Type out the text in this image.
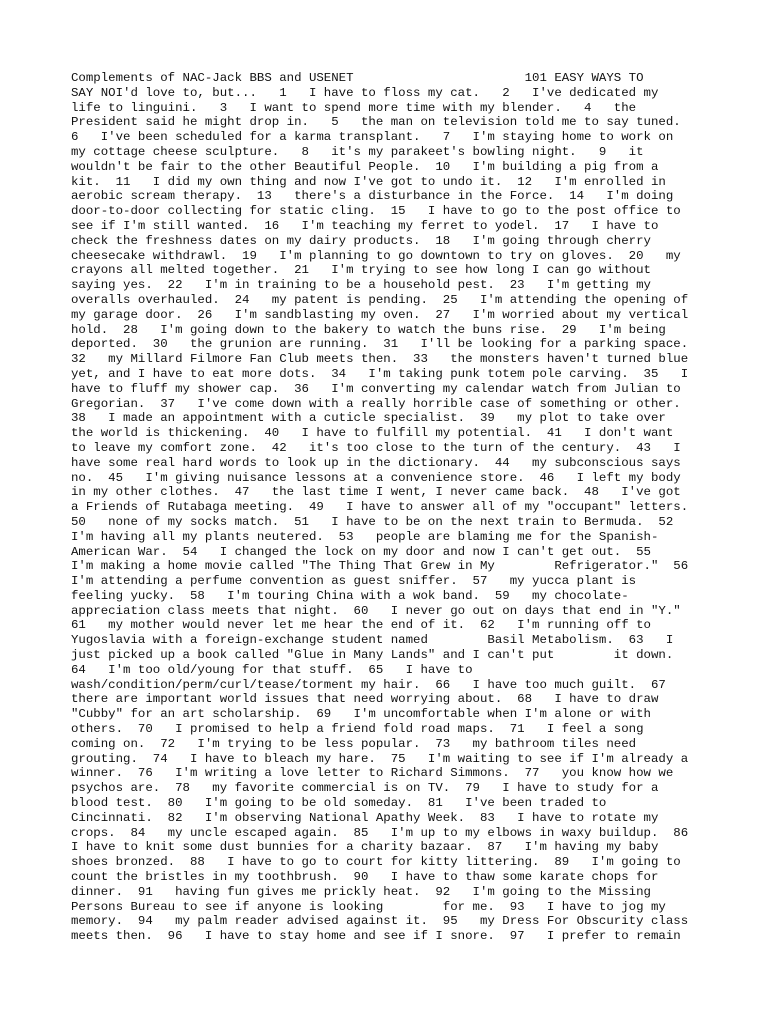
Complements of NAC-Jack BBS and USENET                       101 EASY WAYS TO
SAY NOI'd love to, but...   1   I have to floss my cat.   2   I've dedicated my
life to linguini.   3   I want to spend more time with my blender.   4   the
President said he might drop in.   5   the man on television told me to say tuned.
6   I've been scheduled for a karma transplant.   7   I'm staying home to work on
my cottage cheese sculpture.   8   it's my parakeet's bowling night.   9   it
wouldn't be fair to the other Beautiful People.  10   I'm building a pig from a
kit.  11   I did my own thing and now I've got to undo it.  12   I'm enrolled in
aerobic scream therapy.  13   there's a disturbance in the Force.  14   I'm doing
door-to-door collecting for static cling.  15   I have to go to the post office to
see if I'm still wanted.  16   I'm teaching my ferret to yodel.  17   I have to
check the freshness dates on my dairy products.  18   I'm going through cherry
cheesecake withdrawl.  19   I'm planning to go downtown to try on gloves.  20   my
crayons all melted together.  21   I'm trying to see how long I can go without
saying yes.  22   I'm in training to be a household pest.  23   I'm getting my
overalls overhauled.  24   my patent is pending.  25   I'm attending the opening of
my garage door.  26   I'm sandblasting my oven.  27   I'm worried about my vertical
hold.  28   I'm going down to the bakery to watch the buns rise.  29   I'm being
deported.  30   the grunion are running.  31   I'll be looking for a parking space.
32   my Millard Filmore Fan Club meets then.  33   the monsters haven't turned blue
yet, and I have to eat more dots.  34   I'm taking punk totem pole carving.  35   I
have to fluff my shower cap.  36   I'm converting my calendar watch from Julian to
Gregorian.  37   I've come down with a really horrible case of something or other.
38   I made an appointment with a cuticle specialist.  39   my plot to take over
the world is thickening.  40   I have to fulfill my potential.  41   I don't want
to leave my comfort zone.  42   it's too close to the turn of the century.  43   I
have some real hard words to look up in the dictionary.  44   my subconscious says
no.  45   I'm giving nuisance lessons at a convenience store.  46   I left my body
in my other clothes.  47   the last time I went, I never came back.  48   I've got
a Friends of Rutabaga meeting.  49   I have to answer all of my "occupant" letters.
50   none of my socks match.  51   I have to be on the next train to Bermuda.  52
I'm having all my plants neutered.  53   people are blaming me for the Spanish-
American War.  54   I changed the lock on my door and now I can't get out.  55
I'm making a home movie called "The Thing That Grew in My        Refrigerator."  56
I'm attending a perfume convention as guest sniffer.  57   my yucca plant is
feeling yucky.  58   I'm touring China with a wok band.  59   my chocolate-
appreciation class meets that night.  60   I never go out on days that end in "Y."
61   my mother would never let me hear the end of it.  62   I'm running off to
Yugoslavia with a foreign-exchange student named        Basil Metabolism.  63   I
just picked up a book called "Glue in Many Lands" and I can't put        it down.
64   I'm too old/young for that stuff.  65   I have to
wash/condition/perm/curl/tease/torment my hair.  66   I have too much guilt.  67
there are important world issues that need worrying about.  68   I have to draw
"Cubby" for an art scholarship.  69   I'm uncomfortable when I'm alone or with
others.  70   I promised to help a friend fold road maps.  71   I feel a song
coming on.  72   I'm trying to be less popular.  73   my bathroom tiles need
grouting.  74   I have to bleach my hare.  75   I'm waiting to see if I'm already a
winner.  76   I'm writing a love letter to Richard Simmons.  77   you know how we
psychos are.  78   my favorite commercial is on TV.  79   I have to study for a
blood test.  80   I'm going to be old someday.  81   I've been traded to
Cincinnati.  82   I'm observing National Apathy Week.  83   I have to rotate my
crops.  84   my uncle escaped again.  85   I'm up to my elbows in waxy buildup.  86
I have to knit some dust bunnies for a charity bazaar.  87   I'm having my baby
shoes bronzed.  88   I have to go to court for kitty littering.  89   I'm going to
count the bristles in my toothbrush.  90   I have to thaw some karate chops for
dinner.  91   having fun gives me prickly heat.  92   I'm going to the Missing
Persons Bureau to see if anyone is looking        for me.  93   I have to jog my
memory.  94   my palm reader advised against it.  95   my Dress For Obscurity class
meets then.  96   I have to stay home and see if I snore.  97   I prefer to remain
